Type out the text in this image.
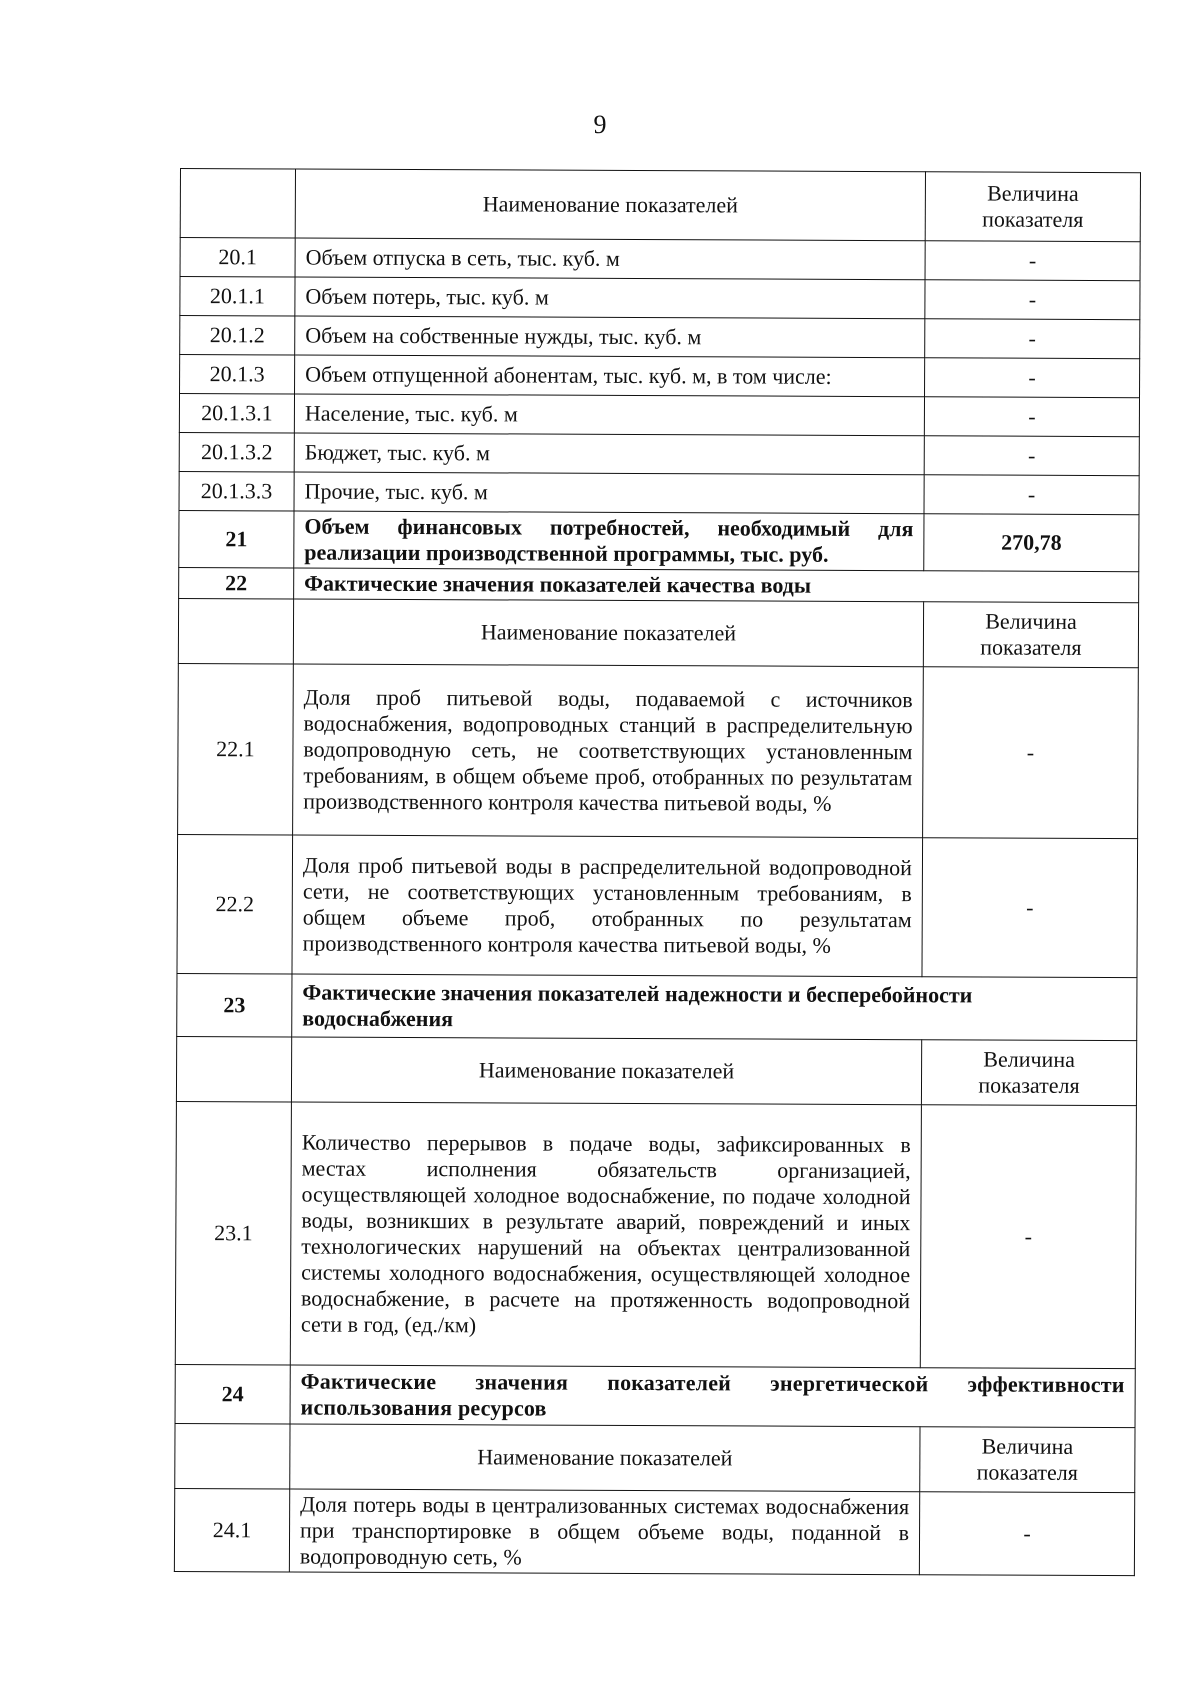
9
	Наименование показателей	Величина показателя
20.1	Объем отпуска в сеть, тыс. куб. м	-
20.1.1	Объем потерь, тыс. куб. м	-
20.1.2	Объем на собственные нужды, тыс. куб. м	-
20.1.3	Объем отпущенной абонентам, тыс. куб. м, в том числе:	-
20.1.3.1	Население, тыс. куб. м	-
20.1.3.2	Бюджет, тыс. куб. м	-
20.1.3.3	Прочие, тыс. куб. м	-
21	Объем финансовых потребностей, необходимый для реализации производственной программы, тыс. руб.	270,78
22	Фактические значения показателей качества воды	
	Наименование показателей	Величина показателя
22.1	Доля проб питьевой воды, подаваемой с источников водоснабжения, водопроводных станций в распределительную водопроводную сеть, не соответствующих установленным требованиям, в общем объеме проб, отобранных по результатам производственного контроля качества питьевой воды, %	-
22.2	Доля проб питьевой воды в распределительной водопроводной сети, не соответствующих установленным требованиям, в общем объеме проб, отобранных по результатам производственного контроля качества питьевой воды, %	-
23	Фактические значения показателей надежности и бесперебойности водоснабжения	
	Наименование показателей	Величина показателя
23.1	Количество перерывов в подаче воды, зафиксированных в местах исполнения обязательств организацией, осуществляющей холодное водоснабжение, по подаче холодной воды, возникших в результате аварий, повреждений и иных технологических нарушений на объектах централизованной системы холодного водоснабжения, осуществляющей холодное водоснабжение, в расчете на протяженность водопроводной сети в год, (ед./км)	-
24	Фактические значения показателей энергетической эффективности использования ресурсов	
	Наименование показателей	Величина показателя
24.1	Доля потерь воды в централизованных системах водоснабжения при транспортировке в общем объеме воды, поданной в водопроводную сеть, %	-
